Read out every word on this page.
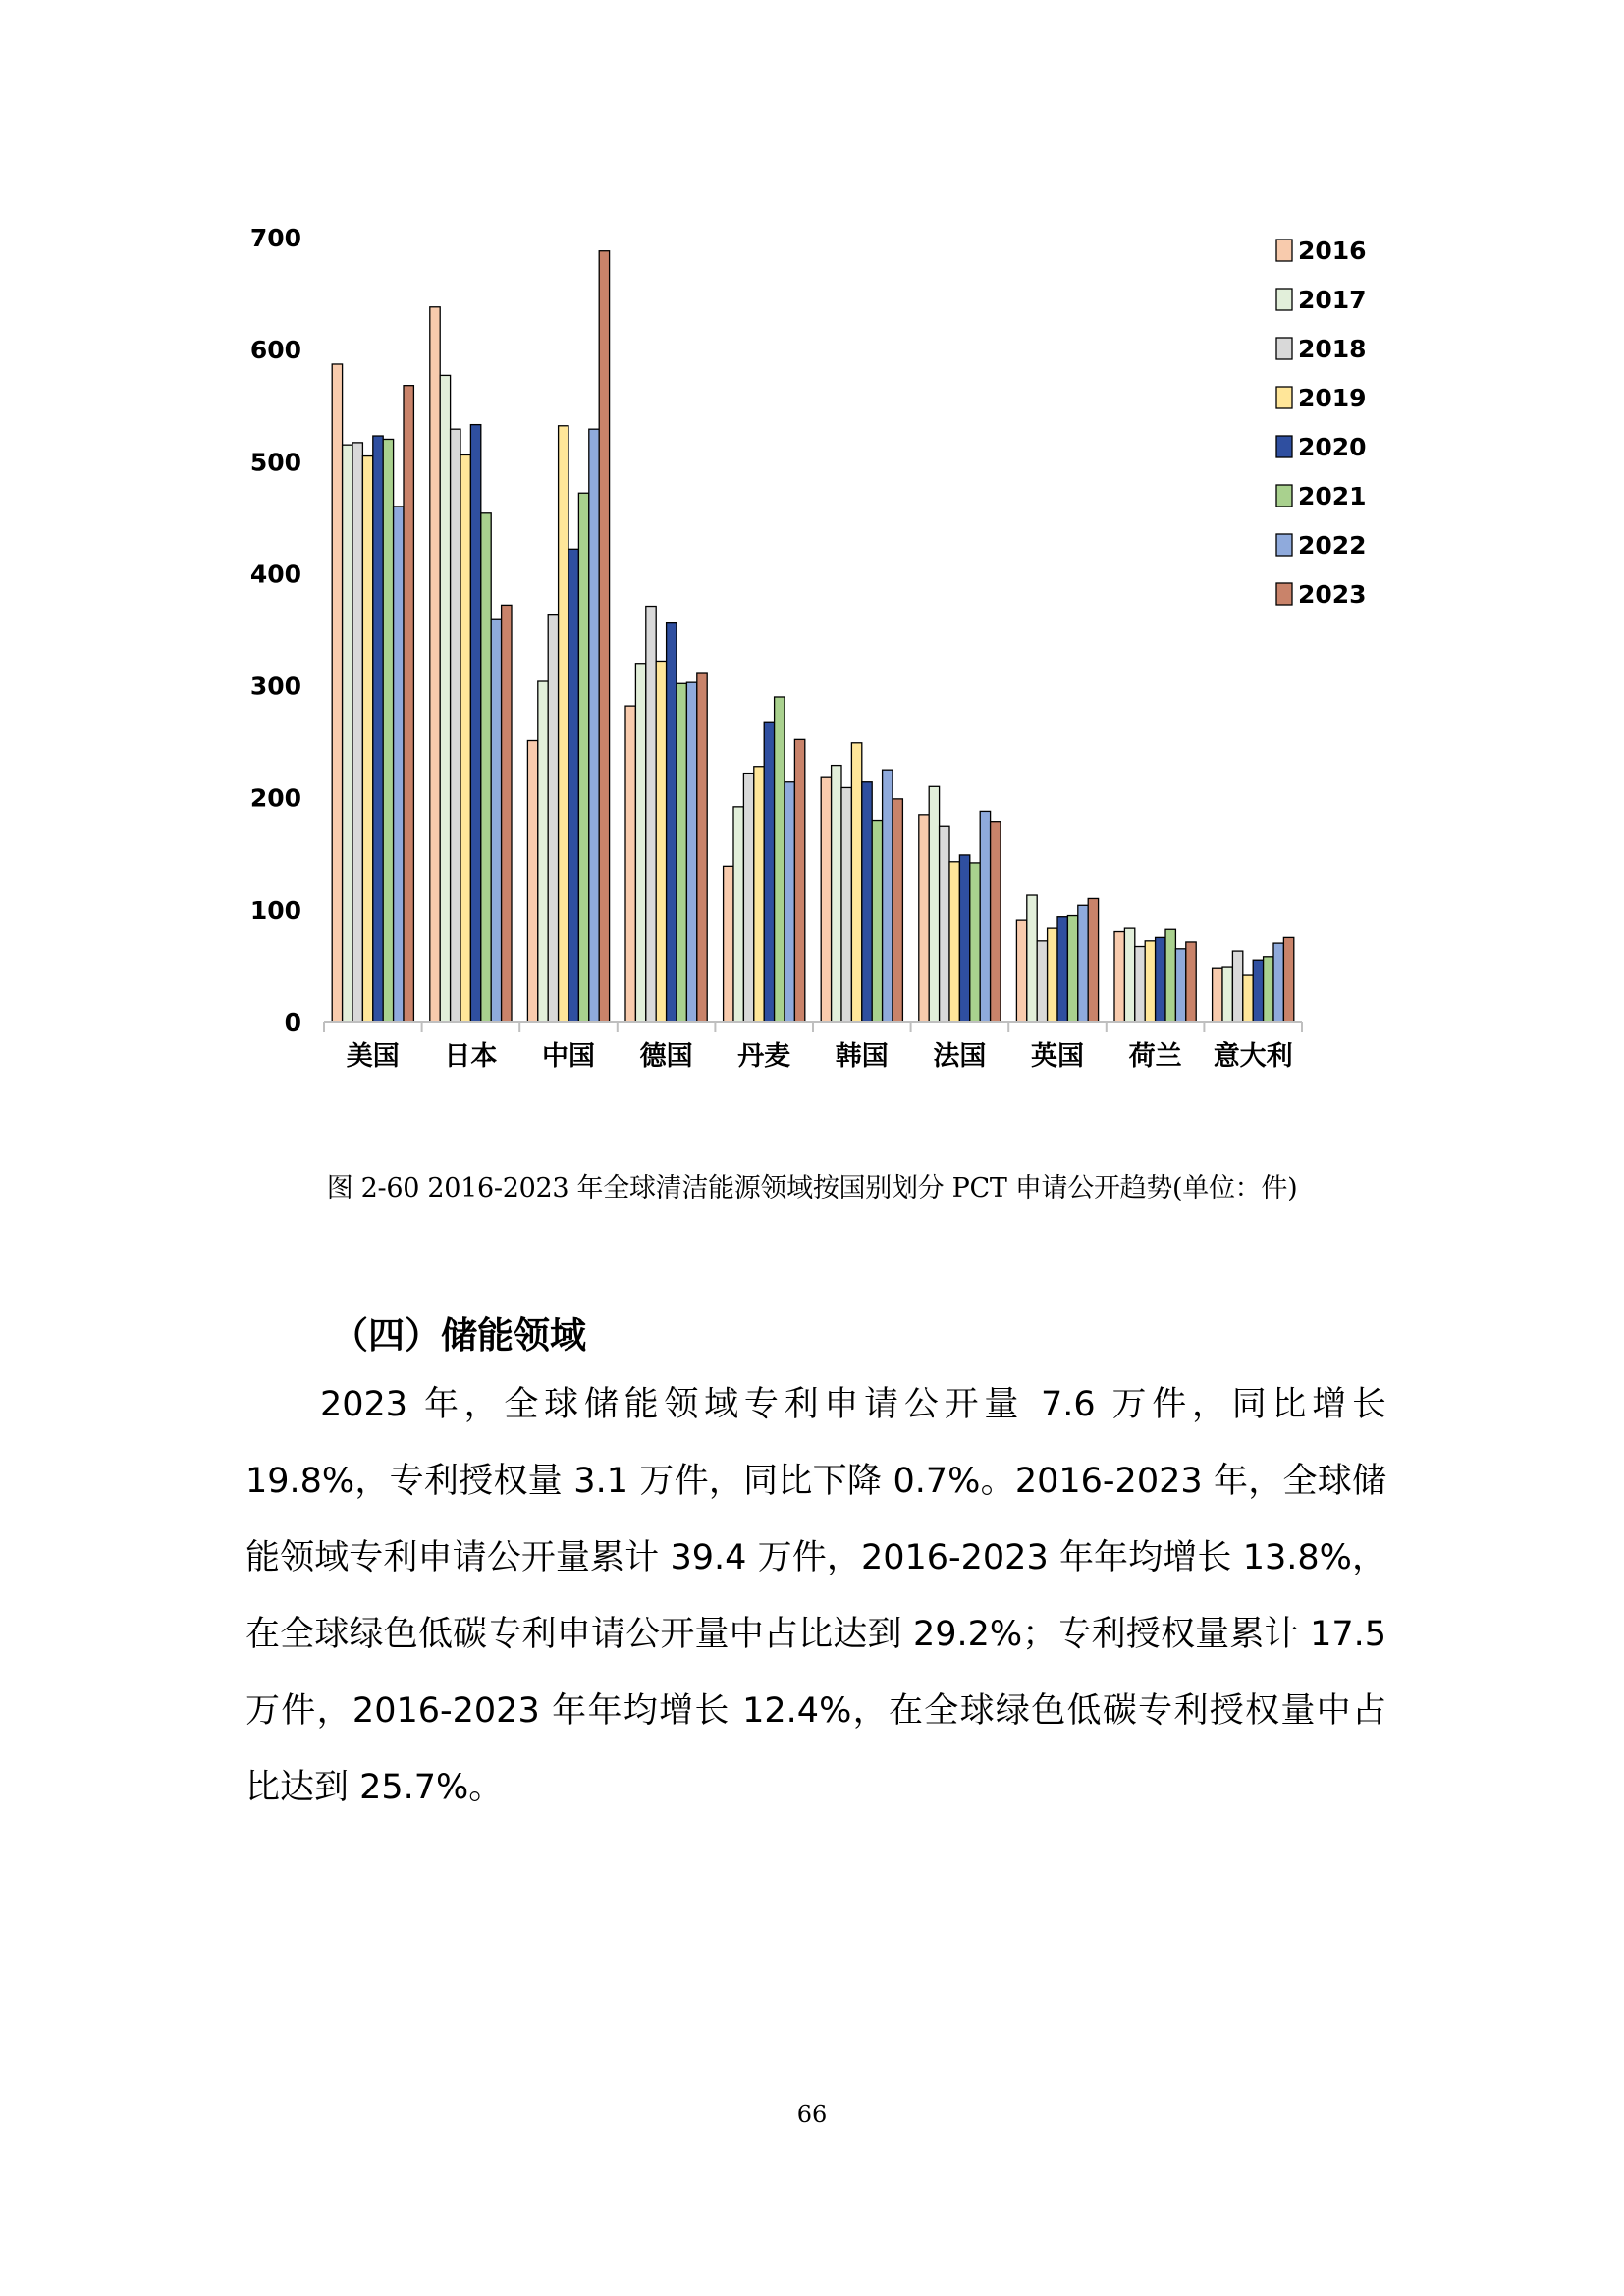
0
100
200
300
400
500
600
700
美国 日本 中国 德国 丹麦 韩国 法国 英国 荷兰 意大利
2016
2017
2018
2019
2020
2021
2022
2023
图 2-60 2016-2023 年全球清洁能源领域按国别划分 PCT 申请公开趋势(单位：件)
（四）储能领域
2023 年，全球储能领域专利申请公开量 7.6 万件，同比增长 19.8%，专利授权量 3.1 万件，同比下降 0.7%。2016-2023 年，全球储能领域专利申请公开量累计 39.4 万件，2016-2023 年年均增长 13.8%，在全球绿色低碳专利申请公开量中占比达到 29.2%；专利授权量累计 17.5 万件，2016-2023 年年均增长 12.4%，在全球绿色低碳专利授权量中占比达到 25.7%。
66
